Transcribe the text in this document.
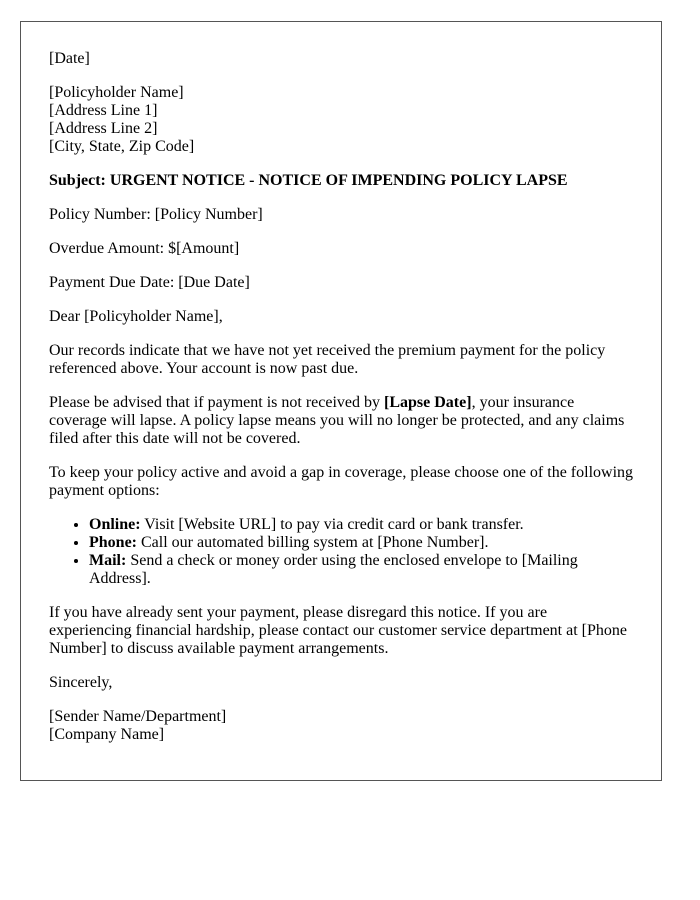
[Date]
[Policyholder Name]
[Address Line 1]
[Address Line 2]
[City, State, Zip Code]
Subject: URGENT NOTICE - NOTICE OF IMPENDING POLICY LAPSE
Policy Number: [Policy Number]
Overdue Amount: $[Amount]
Payment Due Date: [Due Date]
Dear [Policyholder Name],
Our records indicate that we have not yet received the premium payment for the policy referenced above. Your account is now past due.
Please be advised that if payment is not received by [Lapse Date], your insurance coverage will lapse. A policy lapse means you will no longer be protected, and any claims filed after this date will not be covered.
To keep your policy active and avoid a gap in coverage, please choose one of the following payment options:
• Online: Visit [Website URL] to pay via credit card or bank transfer.
• Phone: Call our automated billing system at [Phone Number].
• Mail: Send a check or money order using the enclosed envelope to [Mailing Address].
If you have already sent your payment, please disregard this notice. If you are experiencing financial hardship, please contact our customer service department at [Phone Number] to discuss available payment arrangements.
Sincerely,
[Sender Name/Department]
[Company Name]
